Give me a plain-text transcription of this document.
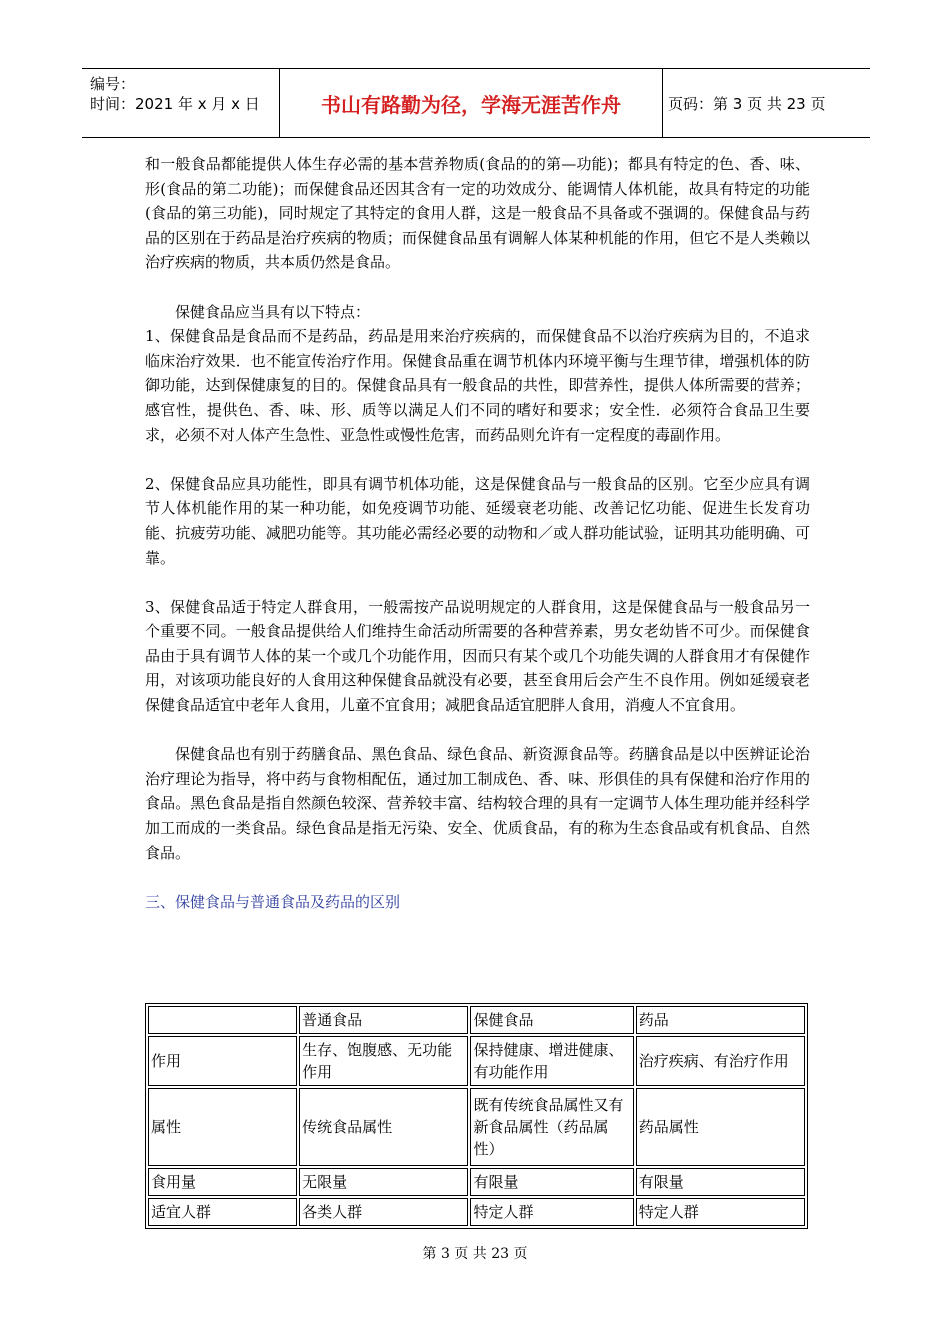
编号：
时间：2021 年 x 月 x 日	书山有路勤为径，学海无涯苦作舟	页码：第 3 页 共 23 页

和一般食品都能提供人体生存必需的基本营养物质(食品的的第—功能)；都具有特定的色、香、味、形(食品的第二功能)；而保健食品还因其含有一定的功效成分、能调情人体机能，故具有特定的功能(食品的第三功能)，同时规定了其特定的食用人群，这是一般食品不具备或不强调的。保健食品与药品的区别在于药品是治疗疾病的物质；而保健食品虽有调解人体某种机能的作用，但它不是人类赖以治疗疾病的物质，共本质仍然是食品。

保健食品应当具有以下特点：

1、保健食品是食品而不是药品，药品是用来治疗疾病的，而保健食品不以治疗疾病为目的，不追求临床治疗效果．也不能宣传治疗作用。保健食品重在调节机体内环境平衡与生理节律，增强机体的防御功能，达到保健康复的目的。保健食品具有一般食品的共性，即营养性，提供人体所需要的营养；感官性，提供色、香、味、形、质等以满足人们不同的嗜好和要求；安全性．必须符合食品卫生要求，必须不对人体产生急性、亚急性或慢性危害，而药品则允许有一定程度的毒副作用。

2、保健食品应具功能性，即具有调节机体功能，这是保健食品与一般食品的区别。它至少应具有调节人体机能作用的某一种功能，如免疫调节功能、延缓衰老功能、改善记忆功能、促进生长发育功能、抗疲劳功能、减肥功能等。其功能必需经必要的动物和／或人群功能试验，证明其功能明确、可靠。

3、保健食品适于特定人群食用，一般需按产品说明规定的人群食用，这是保健食品与一般食品另一个重要不同。一般食品提供给人们维持生命活动所需要的各种营养素，男女老幼皆不可少。而保健食品由于具有调节人体的某一个或几个功能作用，因而只有某个或几个功能失调的人群食用才有保健作用，对该项功能良好的人食用这种保健食品就没有必要，甚至食用后会产生不良作用。例如延缓衰老保健食品适宜中老年人食用，儿童不宜食用；减肥食品适宜肥胖人食用，消瘦人不宜食用。

保健食品也有别于药膳食品、黑色食品、绿色食品、新资源食品等。药膳食品是以中医辨证论治治疗理论为指导，将中药与食物相配伍，通过加工制成色、香、味、形俱佳的具有保健和治疗作用的食品。黑色食品是指自然颜色较深、营养较丰富、结构较合理的具有一定调节人体生理功能并经科学加工而成的一类食品。绿色食品是指无污染、安全、优质食品，有的称为生态食品或有机食品、自然食品。

三、保健食品与普通食品及药品的区别

	普通食品	保健食品	药品
作用	生存、饱腹感、无功能作用	保持健康、增进健康、有功能作用	治疗疾病、有治疗作用
属性	传统食品属性	既有传统食品属性又有新食品属性（药品属性）	药品属性
食用量	无限量	有限量	有限量
适宜人群	各类人群	特定人群	特定人群
第 3 页 共 23 页
